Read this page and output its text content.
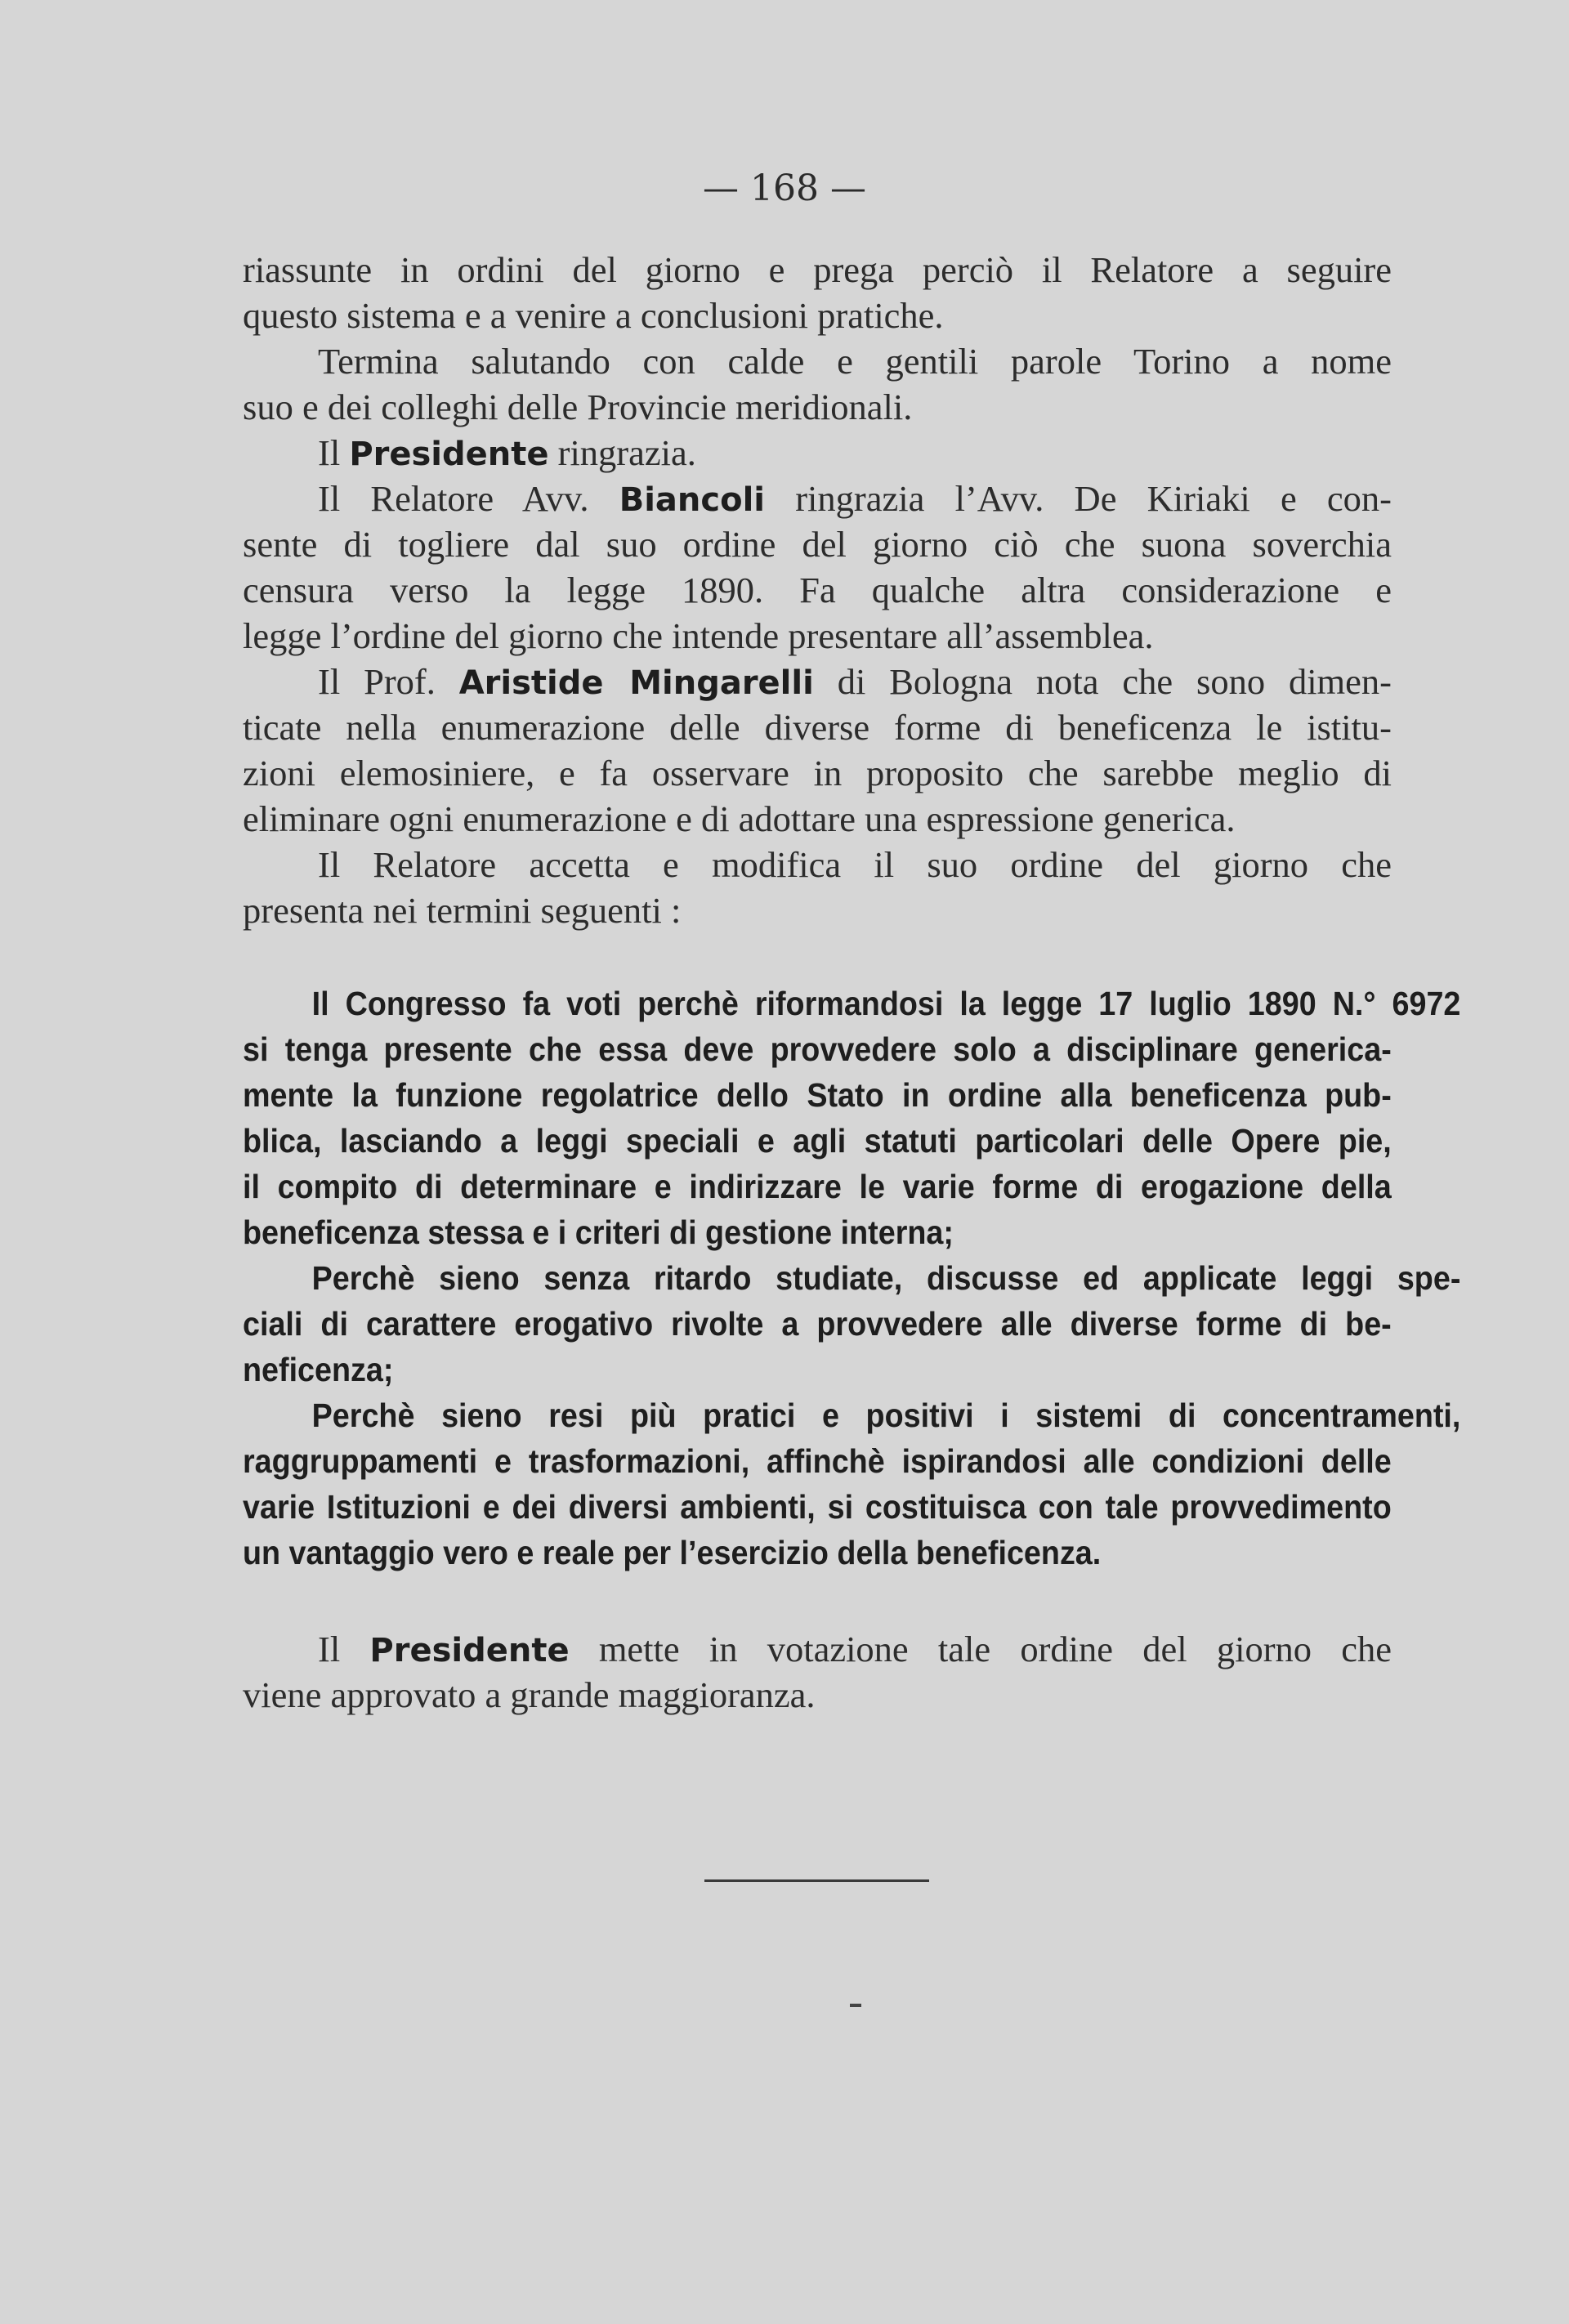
— 168 —
riassunte in ordini del giorno e prega perciò il Relatore a seguire
questo sistema e a venire a conclusioni pratiche.
Termina salutando con calde e gentili parole Torino a nome
suo e dei colleghi delle Provincie meridionali.
Il Presidente ringrazia.
Il Relatore Avv. Biancoli ringrazia l’Avv. De Kiriaki e con-
sente di togliere dal suo ordine del giorno ciò che suona soverchia
censura verso la legge 1890. Fa qualche altra considerazione e
legge l’ordine del giorno che intende presentare all’assemblea.
Il Prof. Aristide Mingarelli di Bologna nota che sono dimen-
ticate nella enumerazione delle diverse forme di beneficenza le istitu-
zioni elemosiniere, e fa osservare in proposito che sarebbe meglio di
eliminare ogni enumerazione e di adottare una espressione generica.
Il Relatore accetta e modifica il suo ordine del giorno che
presenta nei termini seguenti :
Il Congresso fa voti perchè riformandosi la legge 17 luglio 1890 N.° 6972
si tenga presente che essa deve provvedere solo a disciplinare generica-
mente la funzione regolatrice dello Stato in ordine alla beneficenza pub-
blica, lasciando a leggi speciali e agli statuti particolari delle Opere pie,
il compito di determinare e indirizzare le varie forme di erogazione della
beneficenza stessa e i criteri di gestione interna;
Perchè sieno senza ritardo studiate, discusse ed applicate leggi spe-
ciali di carattere erogativo rivolte a provvedere alle diverse forme di be-
neficenza;
Perchè sieno resi più pratici e positivi i sistemi di concentramenti,
raggruppamenti e trasformazioni, affinchè ispirandosi alle condizioni delle
varie Istituzioni e dei diversi ambienti, si costituisca con tale provvedimento
un vantaggio vero e reale per l’esercizio della beneficenza.
Il Presidente mette in votazione tale ordine del giorno che
viene approvato a grande maggioranza.
